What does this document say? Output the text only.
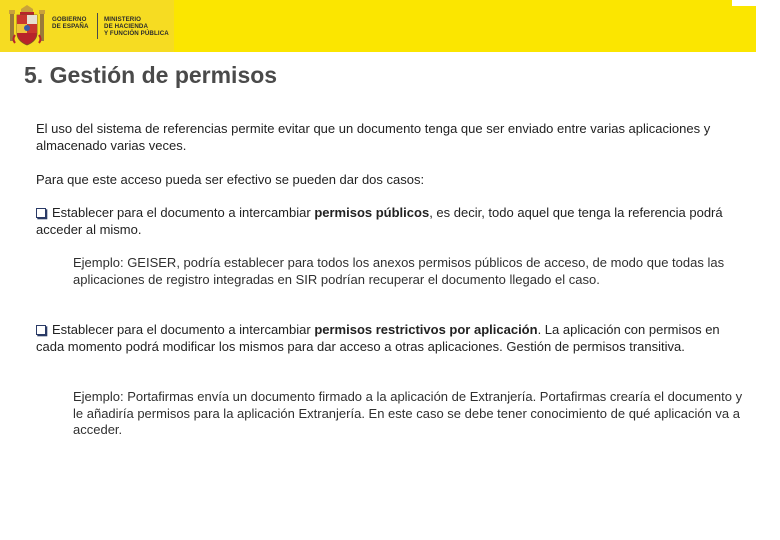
GOBIERNO
DE ESPAÑA
MINISTERIO
DE HACIENDA
Y FUNCIÓN PÚBLICA
5. Gestión de permisos

El uso del sistema de referencias permite evitar que un documento tenga que ser enviado entre varias aplicaciones y almacenado varias veces.

Para que este acceso pueda ser efectivo se pueden dar dos casos:

Establecer para el documento a intercambiar permisos públicos, es decir, todo aquel que tenga la referencia podrá acceder al mismo.

Ejemplo: GEISER, podría establecer para todos los anexos permisos públicos de acceso, de modo que todas las aplicaciones de registro integradas en SIR podrían recuperar el documento llegado el caso.

Establecer para el documento a intercambiar permisos restrictivos por aplicación. La aplicación con permisos en cada momento podrá modificar los mismos para dar acceso a otras aplicaciones. Gestión de permisos transitiva.

Ejemplo: Portafirmas envía un documento firmado a la aplicación de Extranjería. Portafirmas crearía el documento y le añadiría permisos para la aplicación Extranjería. En este caso se debe tener conocimiento de qué aplicación va a acceder.
